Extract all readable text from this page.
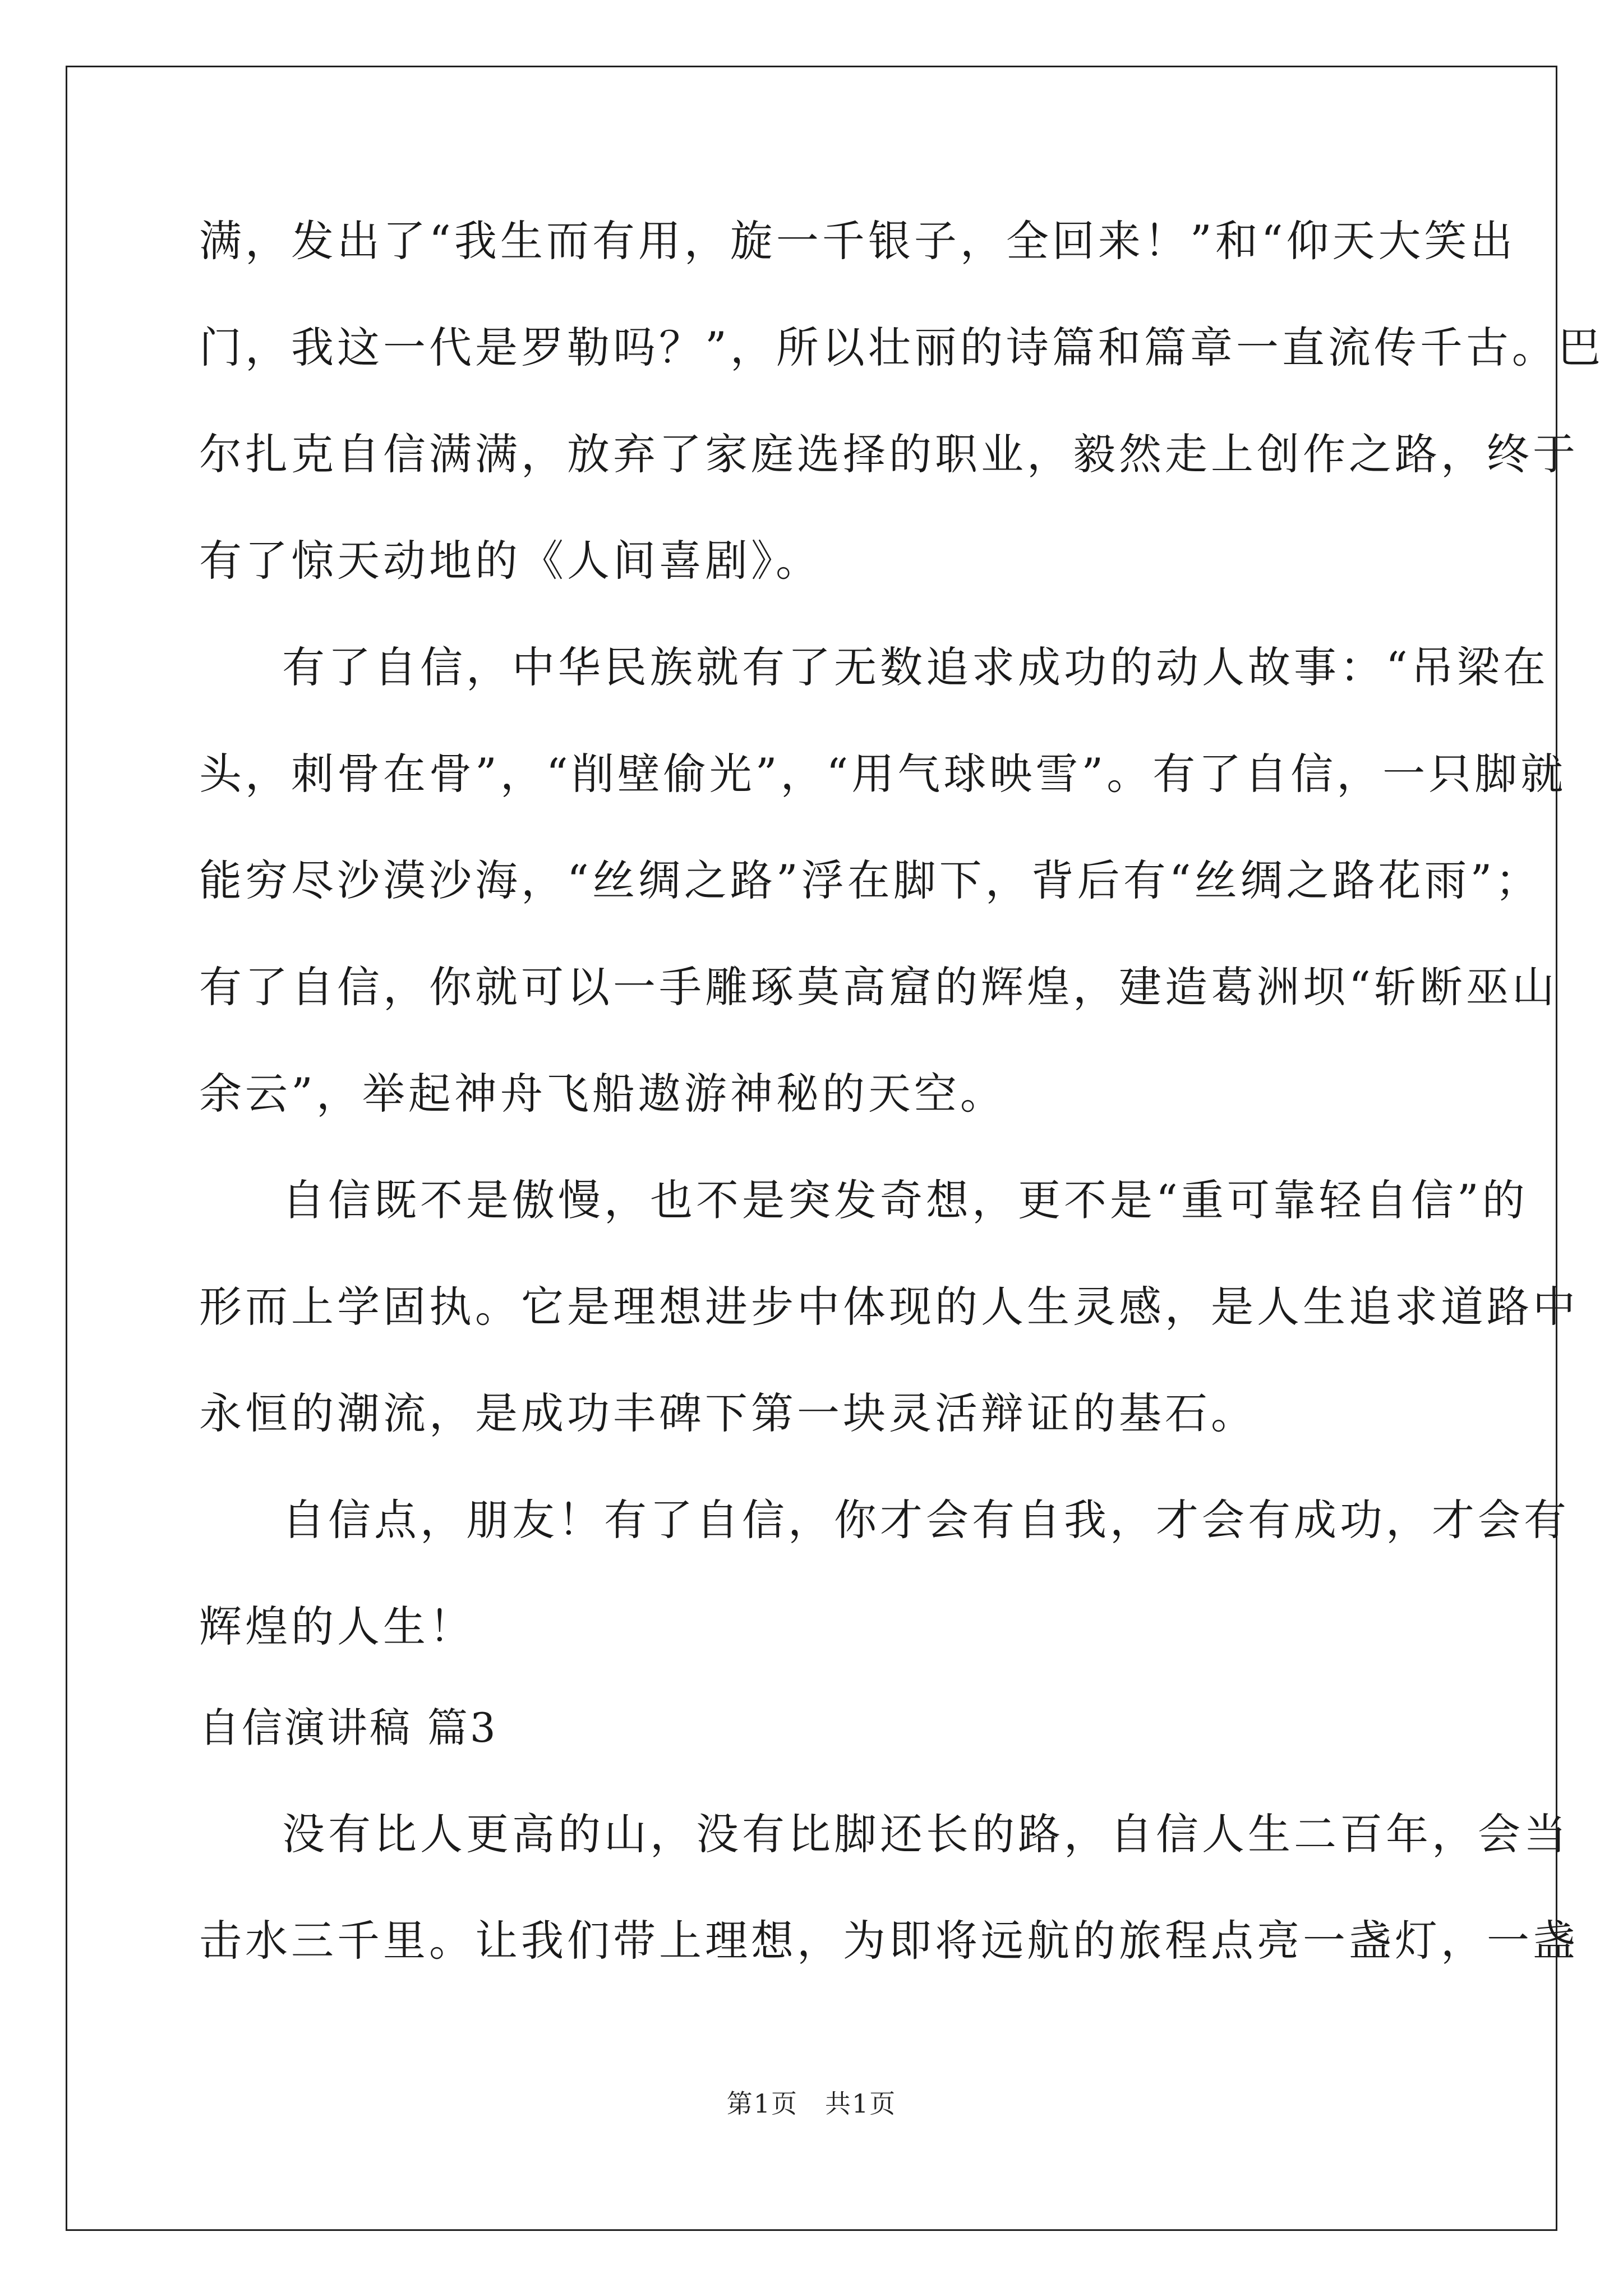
满，发出了“我生而有用，旋一千银子，全回来！”和“仰天大笑出
门，我这一代是罗勒吗？”，所以壮丽的诗篇和篇章一直流传千古。巴
尔扎克自信满满，放弃了家庭选择的职业，毅然走上创作之路，终于
有了惊天动地的《人间喜剧》。
有了自信，中华民族就有了无数追求成功的动人故事：“吊梁在
头，刺骨在骨”，“削壁偷光”，“用气球映雪”。有了自信，一只脚就
能穷尽沙漠沙海，“丝绸之路”浮在脚下，背后有“丝绸之路花雨”；
有了自信，你就可以一手雕琢莫高窟的辉煌，建造葛洲坝“斩断巫山
余云”，举起神舟飞船遨游神秘的天空。
自信既不是傲慢，也不是突发奇想，更不是“重可靠轻自信”的
形而上学固执。它是理想进步中体现的人生灵感，是人生追求道路中
永恒的潮流，是成功丰碑下第一块灵活辩证的基石。
自信点，朋友！有了自信，你才会有自我，才会有成功，才会有
辉煌的人生！
自信演讲稿 篇3
没有比人更高的山，没有比脚还长的路，自信人生二百年，会当
击水三千里。让我们带上理想，为即将远航的旅程点亮一盏灯，一盏
第1页　共1页
